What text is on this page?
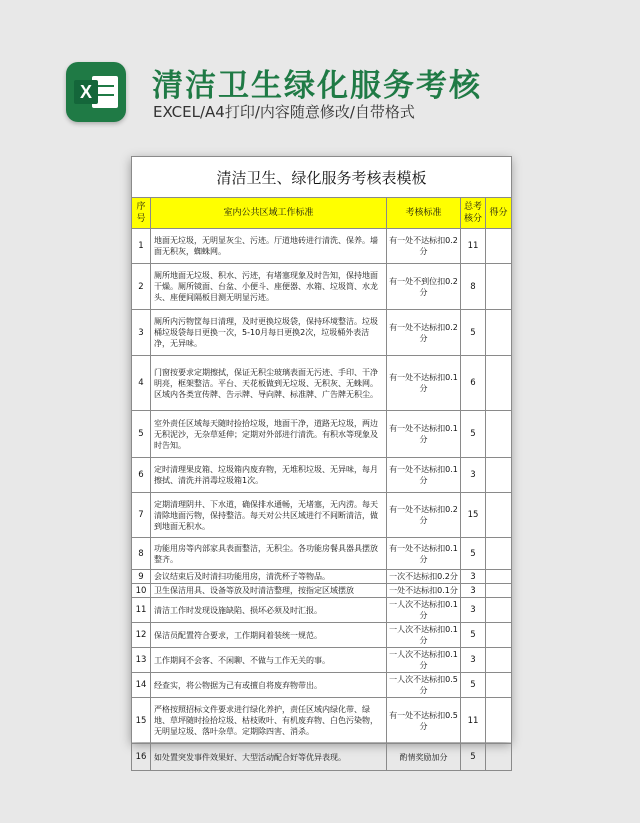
X 清洁卫生绿化服务考核
EXCEL/A4打印/内容随意修改/自带格式
清洁卫生、绿化服务考核表模板				
序号	室内公共区域工作标准	考核标准	总考核分	得分
1	地面无垃圾，无明显灰尘、污迹。厅道地砖进行清洗、保养。墙面无积灰，蜘蛛网。	有一处不达标扣0.2分	11	
2	厕所地面无垃圾、积水、污迹，有堵塞现象及时告知，保持地面干燥。厕所镜面、台盆、小便斗、座便器、水箱、垃圾筒、水龙头、座便间隔板目测无明显污迹。	有一处不到位扣0.2分	8	
3	厕所内污物筐每日清理，及时更换垃圾袋，保持环境整洁。垃圾桶垃圾袋每日更换一次，5-10月每日更换2次，垃圾桶外表洁净，无异味。	有一处不达标扣0.2分	5	
4	门窗按要求定期擦拭，保证无积尘玻璃表面无污迹、手印、干净明亮，框架整洁。平台、天花板做到无垃圾、无积灰、无蛛网。区域内各类宣传牌、告示牌、导向牌、标准牌、广告牌无积尘。	有一处不达标扣0.1分	6	
5	室外责任区域每天随时捡拾垃圾，地面干净，道路无垃圾，两边无积泥沙，无杂草延伸；定期对外部进行清洗。有积水等现象及时告知。	有一处不达标扣0.1分	5	
6	定时清理果皮箱、垃圾箱内废弃物，无堆积垃圾、无异味，每月擦拭、清洗并消毒垃圾箱1次。	有一处不达标扣0.1分	3	
7	定期清理阴井、下水道，确保排水通畅，无堵塞，无内涝。每天清除地面污物，保持整洁。每天对公共区域进行不间断清洁，做到地面无积水。	有一处不达标扣0.2分	15	
8	功能用房等内部家具表面整洁，无积尘。各功能房餐具器具摆放整齐。	有一处不达标扣0.1分	5	
9	会议结束后及时清扫功能用房，清洗杯子等物品。	一次不达标扣0.2分	3	
10	卫生保洁用具、设备等放及时清洁整理，按指定区域摆放	一处不达标扣0.1分	3	
11	清洁工作时发现设施缺陷、损坏必须及时汇报。	一人次不达标扣0.1分	3	
12	保洁员配置符合要求，工作期间着装统一规范。	一人次不达标扣0.1分	5	
13	工作期间不会客、不闲聊、不做与工作无关的事。	一人次不达标扣0.1分	3	
14	经查实，将公物据为己有或擅自将废弃物带出。	一人次不达标扣0.5分	5	
15	严格按照招标文件要求进行绿化养护，责任区域内绿化带、绿地、草坪随时捡拾垃圾、枯枝败叶、有机废弃物、白色污染物，无明显垃圾、落叶杂草。定期除四害、消杀。	有一处不达标扣0.5分	11	
16	如处置突发事件效果好、大型活动配合好等优异表现。	酌情奖励加分	5	
